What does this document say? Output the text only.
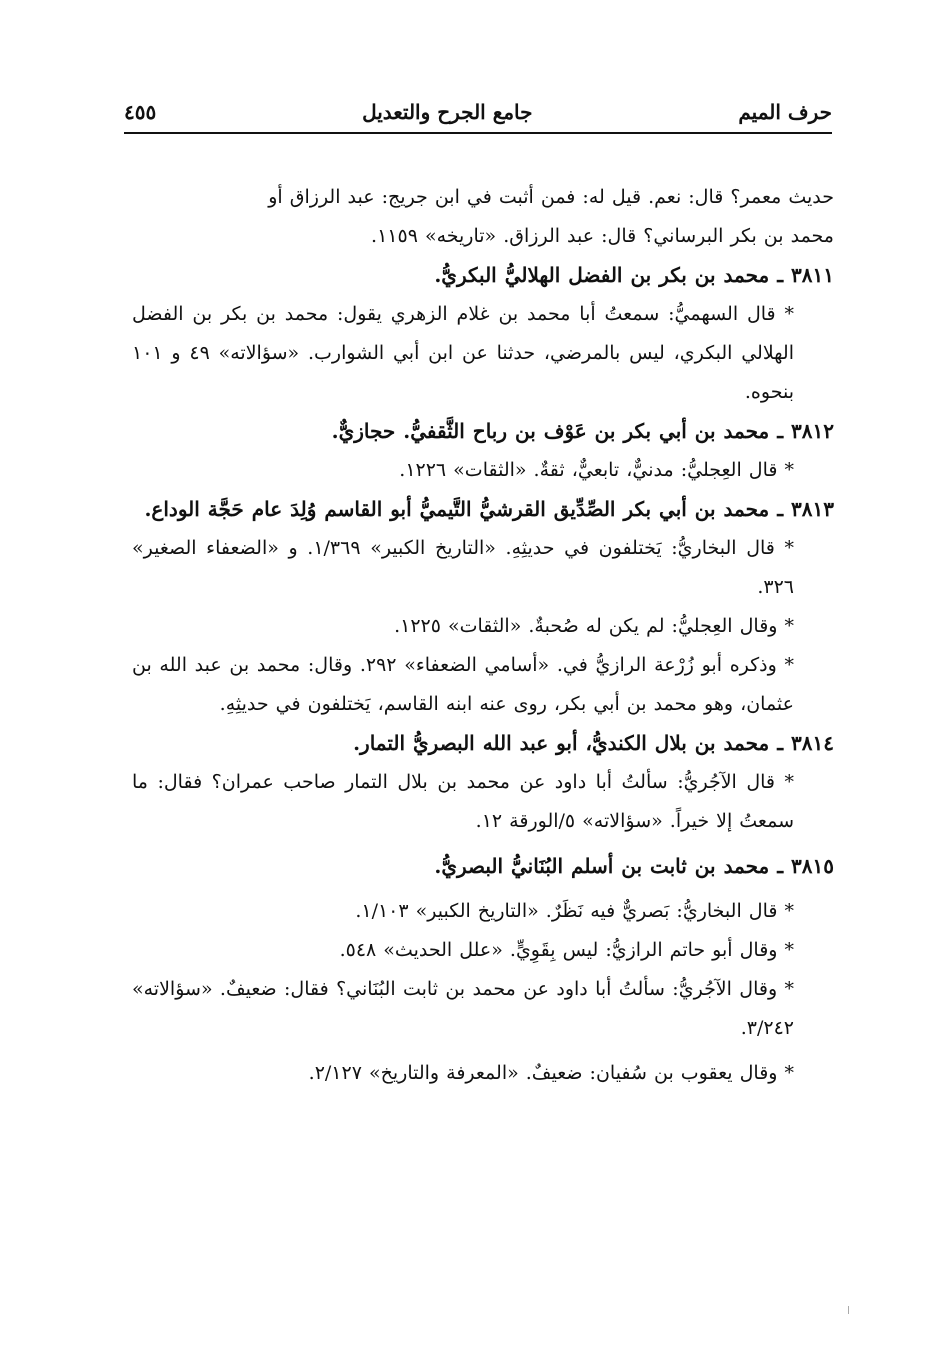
حرف الميم
جامع الجرح والتعديل
٤٥٥

حديث معمر؟ قال: نعم. قيل له: فمن أثبت في ابن جريج: عبد الرزاق أو

محمد بن بكر البرساني؟ قال: عبد الرزاق. «تاريخه» ١١٥٩.

٣٨١١ ـ محمد بن بكر بن الفضل الهلاليُّ البكريُّ.

* قال السهميُّ: سمعتُ أبا محمد بن غلام الزهري يقول: محمد بن بكر بن الفضل الهلالي البكري، ليس بالمرضي، حدثنا عن ابن أبي الشوارب. «سؤالاته» ٤٩ و ١٠١ بنحوه.

٣٨١٢ ـ محمد بن أبي بكر بن عَوْف بن رباح الثَّقفيُّ. حجازيٌّ.

* قال العِجليُّ: مدنيٌّ، تابعيٌّ، ثقةٌ. «الثقات» ١٢٢٦.

٣٨١٣ ـ محمد بن أبي بكر الصِّدِّيق القرشيُّ التَّيميُّ أبو القاسم وُلِدَ عام حَجَّة الوداع.

* قال البخاريُّ: يَختلفون في حديثِهِ. «التاريخ الكبير» ١/٣٦٩. و «الضعفاء الصغير» ٣٢٦.

* وقال العِجليُّ: لم يكن له صُحبةٌ. «الثقات» ١٢٢٥.

* وذكره أبو زُرْعة الرازيُّ في. «أسامي الضعفاء» ٢٩٢. وقال: محمد بن عبد الله بن عثمان، وهو محمد بن أبي بكر، روى عنه ابنه القاسم، يَختلفون في حديثِهِ.

٣٨١٤ ـ محمد بن بلال الكنديُّ، أبو عبد الله البصريُّ التمار.

* قال الآجُريُّ: سألتُ أبا داود عن محمد بن بلال التمار صاحب عمران؟ فقال: ما سمعتُ إلا خيراً. «سؤالاته» ٥/الورقة ١٢.

٣٨١٥ ـ محمد بن ثابت بن أسلم البُنَانيُّ البصريُّ.

* قال البخاريُّ: بَصريٌّ فيه نَظَرٌ. «التاريخ الكبير» ١/١٠٣.

* وقال أبو حاتم الرازيُّ: ليس بِقَوِيٍّ. «علل الحديث» ٥٤٨.

* وقال الآجُريُّ: سألتُ أبا داود عن محمد بن ثابت البُنَاني؟ فقال: ضعيفٌ. «سؤالاته» ٣/٢٤٢.

* وقال يعقوب بن سُفيان: ضعيفٌ. «المعرفة والتاريخ» ٢/١٢٧.
